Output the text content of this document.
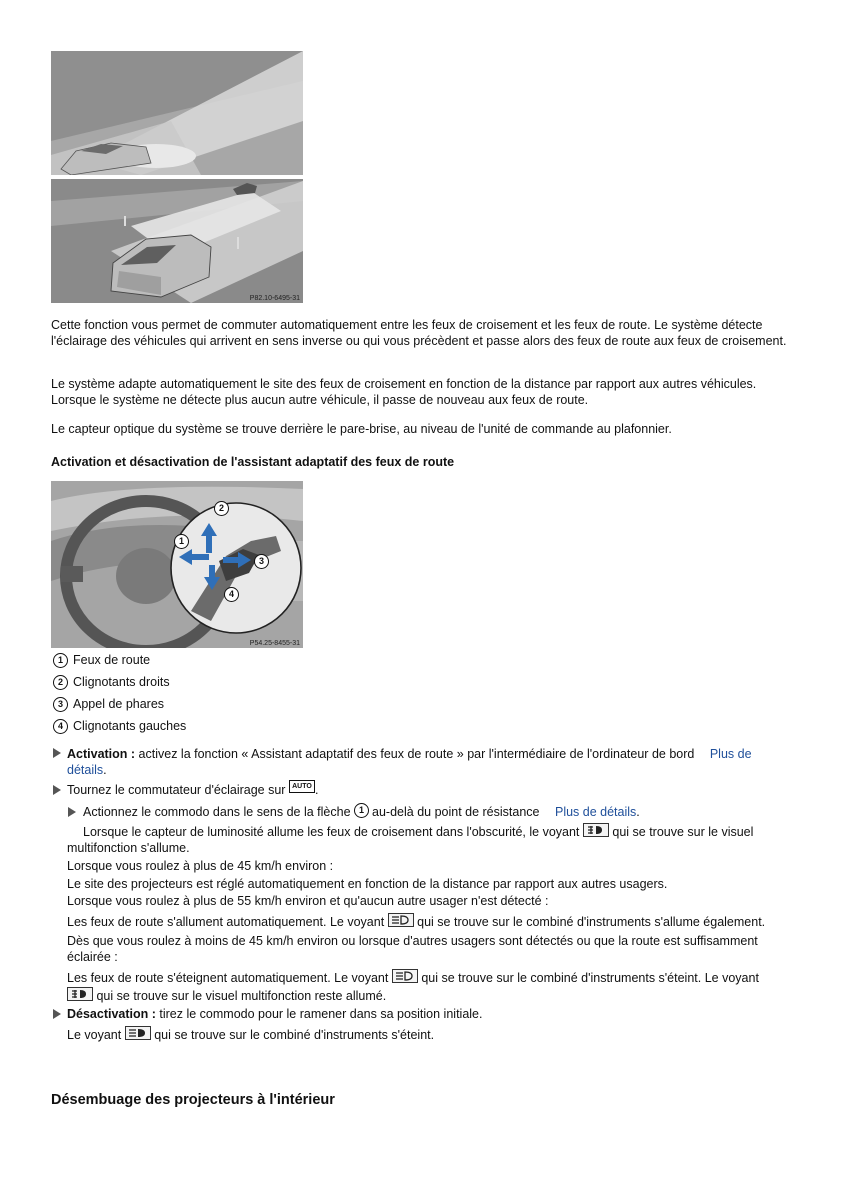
P82.10-6495-31

Cette fonction vous permet de commuter automatiquement entre les feux de croisement et les feux de route. Le système détecte l'éclairage des véhicules qui arrivent en sens inverse ou qui vous précèdent et passe alors des feux de route aux feux de croisement.

Le système adapte automatiquement le site des feux de croisement en fonction de la distance par rapport aux autres véhicules. Lorsque le système ne détecte plus aucun autre véhicule, il passe de nouveau aux feux de route.

Le capteur optique du système se trouve derrière le pare-brise, au niveau de l'unité de commande au plafonnier.

Activation et désactivation de l'assistant adaptatif des feux de route
1
2
3
4
P54.25-8455-31
1 Feux de route
2 Clignotants droits
3 Appel de phares
4 Clignotants gauches
Activation : activez la fonction « Assistant adaptatif des feux de route » par l'intermédiaire de l'ordinateur de bord Plus de
détails.
Tournez le commutateur d'éclairage sur AUTO .
Actionnez le commodo dans le sens de la flèche 1 au-delà du point de résistance Plus de détails.
Lorsque le capteur de luminosité allume les feux de croisement dans l'obscurité, le voyant	qui se trouve sur le visuel
multifonction s'allume.
Lorsque vous roulez à plus de 45 km/h environ :
Le site des projecteurs est réglé automatiquement en fonction de la distance par rapport aux autres usagers.
Lorsque vous roulez à plus de 55 km/h environ et qu'aucun autre usager n'est détecté :
Les feux de route s'allument automatiquement. Le voyant	qui se trouve sur le combiné d'instruments s'allume également.
Dès que vous roulez à moins de 45 km/h environ ou lorsque d'autres usagers sont détectés ou que la route est suffisamment
éclairée :
Les feux de route s'éteignent automatiquement. Le voyant	qui se trouve sur le combiné d'instruments s'éteint. Le voyant
qui se trouve sur le visuel multifonction reste allumé.
Désactivation : tirez le commodo pour le ramener dans sa position initiale.
Le voyant	qui se trouve sur le combiné d'instruments s'éteint.
Désembuage des projecteurs à l'intérieur
